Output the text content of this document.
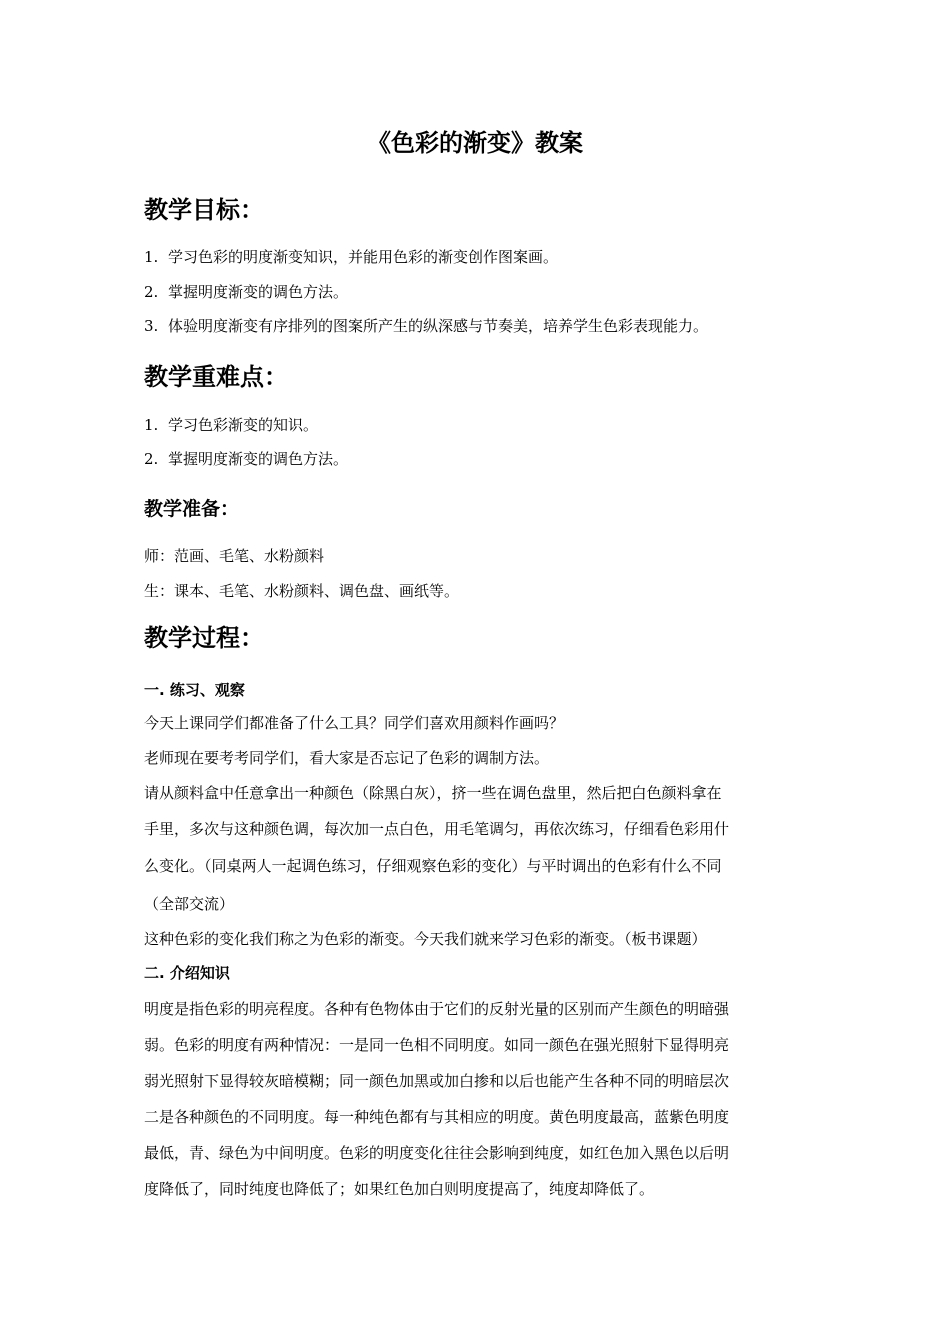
《色彩的渐变》教案
教学目标：

1. 学习色彩的明度渐变知识，并能用色彩的渐变创作图案画。

2. 掌握明度渐变的调色方法。

3. 体验明度渐变有序排列的图案所产生的纵深感与节奏美，培养学生色彩表现能力。

教学重难点：

1. 学习色彩渐变的知识。

2. 掌握明度渐变的调色方法。

教学准备：

师：范画、毛笔、水粉颜料

生：课本、毛笔、水粉颜料、调色盘、画纸等。

教学过程：
一. 练习、观察

今天上课同学们都准备了什么工具？同学们喜欢用颜料作画吗？

老师现在要考考同学们，看大家是否忘记了色彩的调制方法。

请从颜料盒中任意拿出一种颜色（除黑白灰），挤一些在调色盘里，然后把白色颜料拿在

手里，多次与这种颜色调，每次加一点白色，用毛笔调匀，再依次练习，仔细看色彩用什

么变化。（同桌两人一起调色练习，仔细观察色彩的变化）与平时调出的色彩有什么不同

（全部交流）

这种色彩的变化我们称之为色彩的渐变。今天我们就来学习色彩的渐变。（板书课题）

二. 介绍知识

明度是指色彩的明亮程度。各种有色物体由于它们的反射光量的区别而产生颜色的明暗强

弱。色彩的明度有两种情况：一是同一色相不同明度。如同一颜色在强光照射下显得明亮

弱光照射下显得较灰暗模糊；同一颜色加黑或加白掺和以后也能产生各种不同的明暗层次

二是各种颜色的不同明度。每一种纯色都有与其相应的明度。黄色明度最高，蓝紫色明度

最低，青、绿色为中间明度。色彩的明度变化往往会影响到纯度，如红色加入黑色以后明

度降低了，同时纯度也降低了；如果红色加白则明度提高了，纯度却降低了。
